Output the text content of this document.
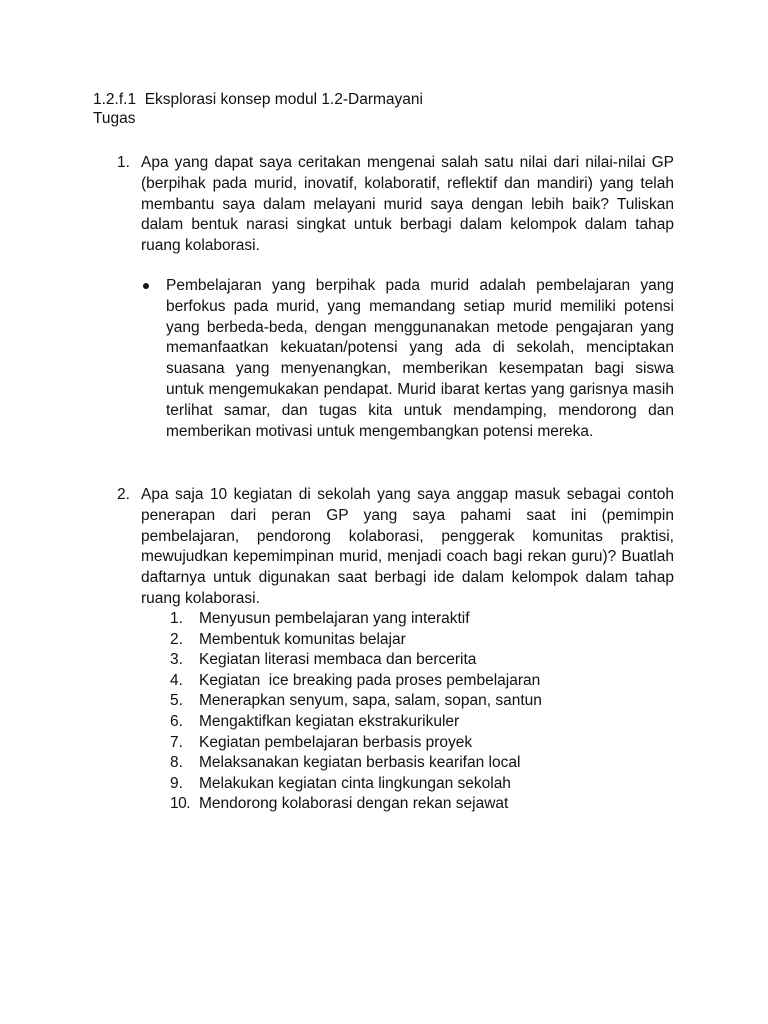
1.2.f.1  Eksplorasi konsep modul 1.2-Darmayani
Tugas
1. Apa yang dapat saya ceritakan mengenai salah satu nilai dari nilai-nilai GP (berpihak pada murid, inovatif, kolaboratif, reflektif dan mandiri) yang telah membantu saya dalam melayani murid saya dengan lebih baik? Tuliskan dalam bentuk narasi singkat untuk berbagi dalam kelompok dalam tahap ruang kolaborasi.
Pembelajaran yang berpihak pada murid adalah pembelajaran yang berfokus pada murid, yang memandang setiap murid memiliki potensi yang berbeda-beda, dengan menggunanakan metode pengajaran yang memanfaatkan kekuatan/potensi yang ada di sekolah, menciptakan suasana yang menyenangkan, memberikan kesempatan bagi siswa untuk mengemukakan pendapat. Murid ibarat kertas yang garisnya masih terlihat samar, dan tugas kita untuk mendamping, mendorong dan memberikan motivasi untuk mengembangkan potensi mereka.
2. Apa saja 10 kegiatan di sekolah yang saya anggap masuk sebagai contoh penerapan dari peran GP yang saya pahami saat ini (pemimpin pembelajaran, pendorong kolaborasi, penggerak komunitas praktisi, mewujudkan kepemimpinan murid, menjadi coach bagi rekan guru)? Buatlah daftarnya untuk digunakan saat berbagi ide dalam kelompok dalam tahap ruang kolaborasi.
1. Menyusun pembelajaran yang interaktif
2. Membentuk komunitas belajar
3. Kegiatan literasi membaca dan bercerita
4. Kegiatan  ice breaking pada proses pembelajaran
5. Menerapkan senyum, sapa, salam, sopan, santun
6. Mengaktifkan kegiatan ekstrakurikuler
7. Kegiatan pembelajaran berbasis proyek
8. Melaksanakan kegiatan berbasis kearifan local
9. Melakukan kegiatan cinta lingkungan sekolah
10. Mendorong kolaborasi dengan rekan sejawat
